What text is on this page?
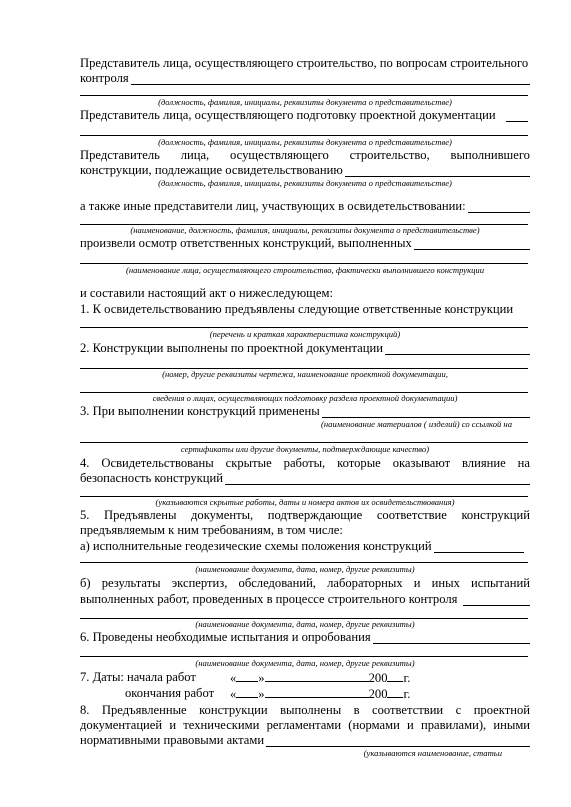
Представитель лица, осуществляющего строительство, по вопросам строительного
контроля
(должность, фамилия, инициалы, реквизиты документа о представительстве)
Представитель лица, осуществляющего подготовку проектной документации
(должность, фамилия, инициалы, реквизиты документа о представительстве)
Представитель лица, осуществляющего строительство, выполнившего
конструкции, подлежащие освидетельствованию
(должность, фамилия, инициалы, реквизиты документа о представительстве)
а также иные представители лиц, участвующих в освидетельствовании:
(наименование, должность, фамилия, инициалы, реквизиты документа о представительстве)
произвели осмотр ответственных конструкций, выполненных
(наименование лица, осуществляющего строительство, фактически выполнившего конструкции
и составили настоящий акт о нижеследующем:
1. К освидетельствованию предъявлены следующие ответственные конструкции
(перечень и краткая характеристика конструкций)
2. Конструкции выполнены по проектной документации
(номер, другие реквизиты чертежа, наименование проектной документации,
сведения о лицах, осуществляющих подготовку раздела проектной документации)
3. При выполнении конструкций применены
(наименование материалов ( изделий) со ссылкой на
сертификаты или другие документы, подтверждающие качество)
4. Освидетельствованы скрытые работы, которые оказывают влияние на
безопасность конструкций
(указываются скрытые работы, даты и номера актов их освидетельствования)
5. Предъявлены документы, подтверждающие соответствие конструкций
предъявляемым к ним требованиям, в том числе:
а) исполнительные геодезические схемы положения конструкций
(наименование документа, дата, номер, другие реквизиты)
б) результаты экспертиз, обследований, лабораторных и иных испытаний
выполненных работ, проведенных в процессе строительного контроля
(наименование документа, дата, номер, другие реквизиты)
6. Проведены необходимые испытания и опробования
(наименование документа, дата, номер, другие реквизиты)
7. Даты: начала работ	« »	200 г.
окончания работ « »	200 г.
8. Предъявленные конструкции выполнены в соответствии с проектной
документацией и техническими регламентами (нормами и правилами), иными
нормативными правовыми актами
(указываются наименование, статьи
